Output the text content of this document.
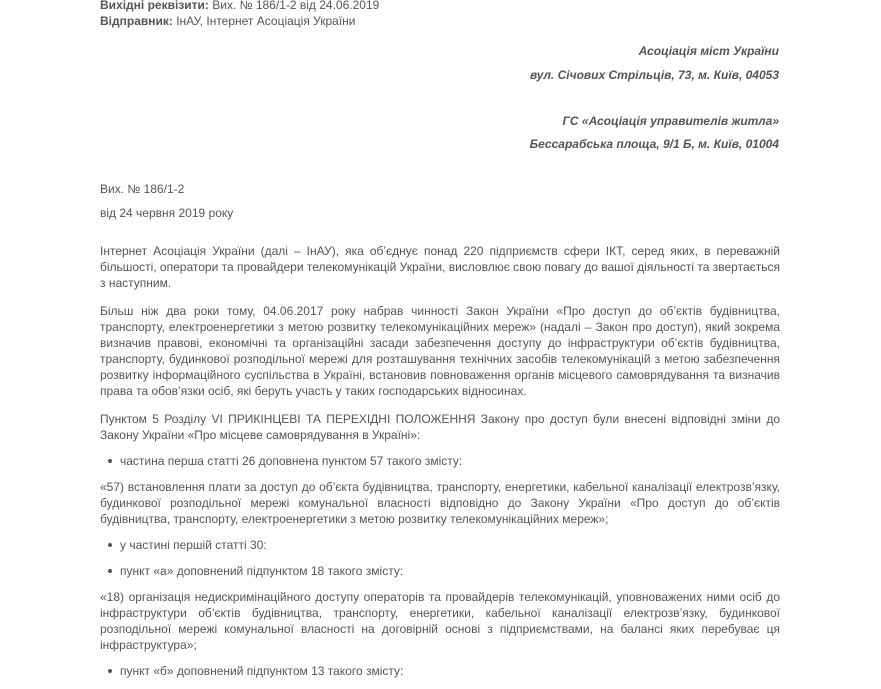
Вихідні реквізити: Вих. № 186/1-2 від 24.06.2019
Відправник: ІнАУ, Інтернет Асоціація України
Асоціація міст України
вул. Січових Стрільців, 73, м. Київ, 04053
ГС «Асоціація управителів житла»
Бессарабська площа, 9/1 Б, м. Київ, 01004
Вих. № 186/1-2
від 24 червня 2019 року

Інтернет Асоціація України (далі – ІнАУ), яка об’єднує понад 220 підприємств сфери ІКТ, серед яких, в переважній більшості, оператори та провайдери телекомунікацій України, висловлює свою повагу до вашої діяльності та звертається з наступним.

Більш ніж два роки тому, 04.06.2017 року набрав чинності Закон України «Про доступ до об’єктів будівництва, транспорту, електроенергетики з метою розвитку телекомунікаційних мереж» (надалі – Закон про доступ), який зокрема визначив правові, економічні та організаційні засади забезпечення доступу до інфраструктури об’єктів будівництва, транспорту, будинкової розподільної мережі для розташування технічних засобів телекомунікацій з метою забезпечення розвитку інформаційного суспільства в Україні, встановив повноваження органів місцевого самоврядування та визначив права та обов’язки осіб, які беруть участь у таких господарських відносинах.

Пунктом 5 Розділу VI ПРИКІНЦЕВІ ТА ПЕРЕХІДНІ ПОЛОЖЕННЯ Закону про доступ були внесені відповідні зміни до Закону України «Про місцеве самоврядування в Україні»:

частина перша статті 26 доповнена пунктом 57 такого змісту:

«57) встановлення плати за доступ до об’єкта будівництва, транспорту, енергетики, кабельної каналізації електрозв’язку, будинкової розподільної мережі комунальної власності відповідно до Закону України «Про доступ до об’єктів будівництва, транспорту, електроенергетики з метою розвитку телекомунікаційних мереж»;

у частині першій статті 30:
пункт «а» доповнений підпунктом 18 такого змісту:

«18) організація недискримінаційного доступу операторів та провайдерів телекомунікацій, уповноважених ними осіб до інфраструктури об’єктів будівництва, транспорту, енергетики, кабельної каналізації електрозв’язку, будинкової розподільної мережі комунальної власності на договірній основі з підприємствами, на балансі яких перебуває ця інфраструктура»;

пункт «б» доповнений підпунктом 13 такого змісту:
